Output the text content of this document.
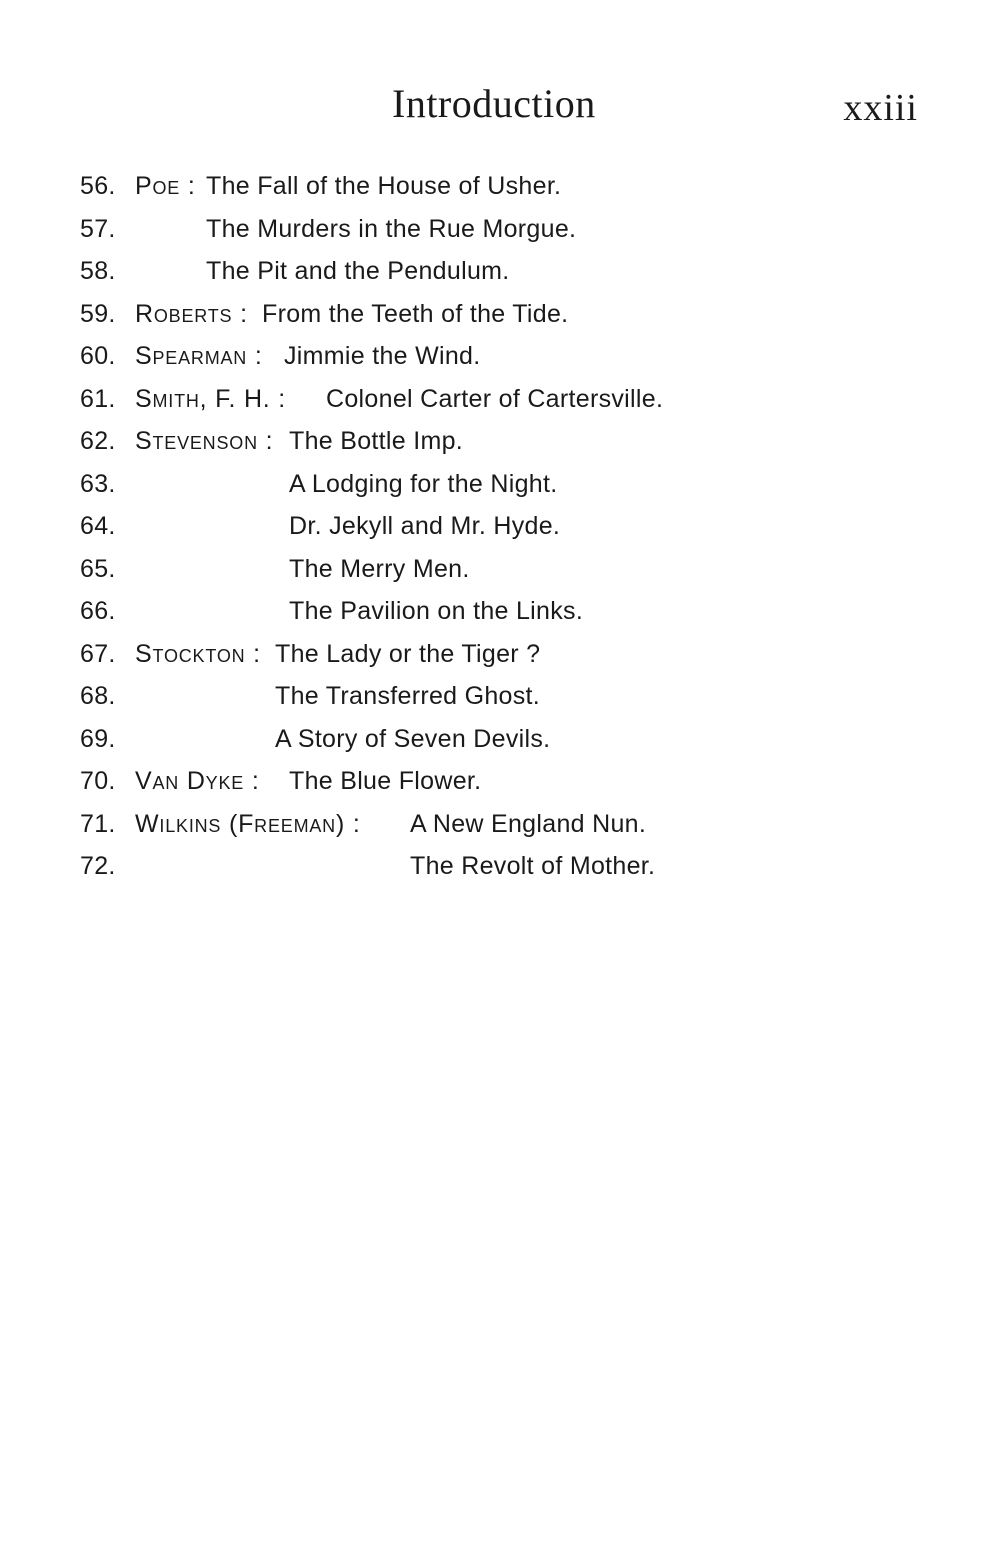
Introduction	xxiii
56. Poe : The Fall of the House of Usher.
57.	The Murders in the Rue Morgue.
58.	The Pit and the Pendulum.
59. Roberts : From the Teeth of the Tide.
60. Spearman : Jimmie the Wind.
61. Smith, F. H. : Colonel Carter of Cartersville.
62. Stevenson : The Bottle Imp.
63.	A Lodging for the Night.
64.	Dr. Jekyll and Mr. Hyde.
65.	The Merry Men.
66.	The Pavilion on the Links.
67. Stockton : The Lady or the Tiger ?
68.	The Transferred Ghost.
69.	A Story of Seven Devils.
70. Van Dyke : The Blue Flower.
71. Wilkins (Freeman) : A New England Nun.
72.	The Revolt of Mother.
